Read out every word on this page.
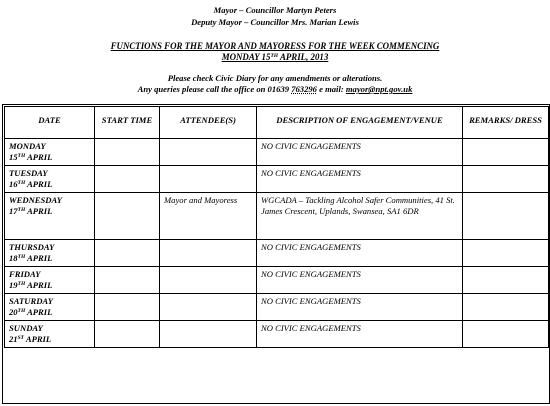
Mayor – Councillor Martyn Peters
Deputy Mayor – Councillor Mrs. Marian Lewis
FUNCTIONS FOR THE MAYOR AND MAYORESS FOR THE WEEK COMMENCING
MONDAY 15TH APRIL, 2013
Please check Civic Diary for any amendments or alterations.
Any queries please call the office on 01639 763296 e mail: mayor@npt.gov.uk
DATE	START TIME	ATTENDEE(S)	DESCRIPTION OF ENGAGEMENT/VENUE	REMARKS/ DRESS
MONDAY
15TH APRIL			NO CIVIC ENGAGEMENTS	
TUESDAY
16TH APRIL			NO CIVIC ENGAGEMENTS	
WEDNESDAY
17TH APRIL		Mayor and Mayoress	WGCADA – Tackling Alcohol Safer Communities, 41 St. James Crescent, Uplands, Swansea, SA1 6DR	
THURSDAY
18TH APRIL			NO CIVIC ENGAGEMENTS	
FRIDAY
19TH APRIL			NO CIVIC ENGAGEMENTS	
SATURDAY
20TH APRIL			NO CIVIC ENGAGEMENTS	
SUNDAY
21ST APRIL			NO CIVIC ENGAGEMENTS	
